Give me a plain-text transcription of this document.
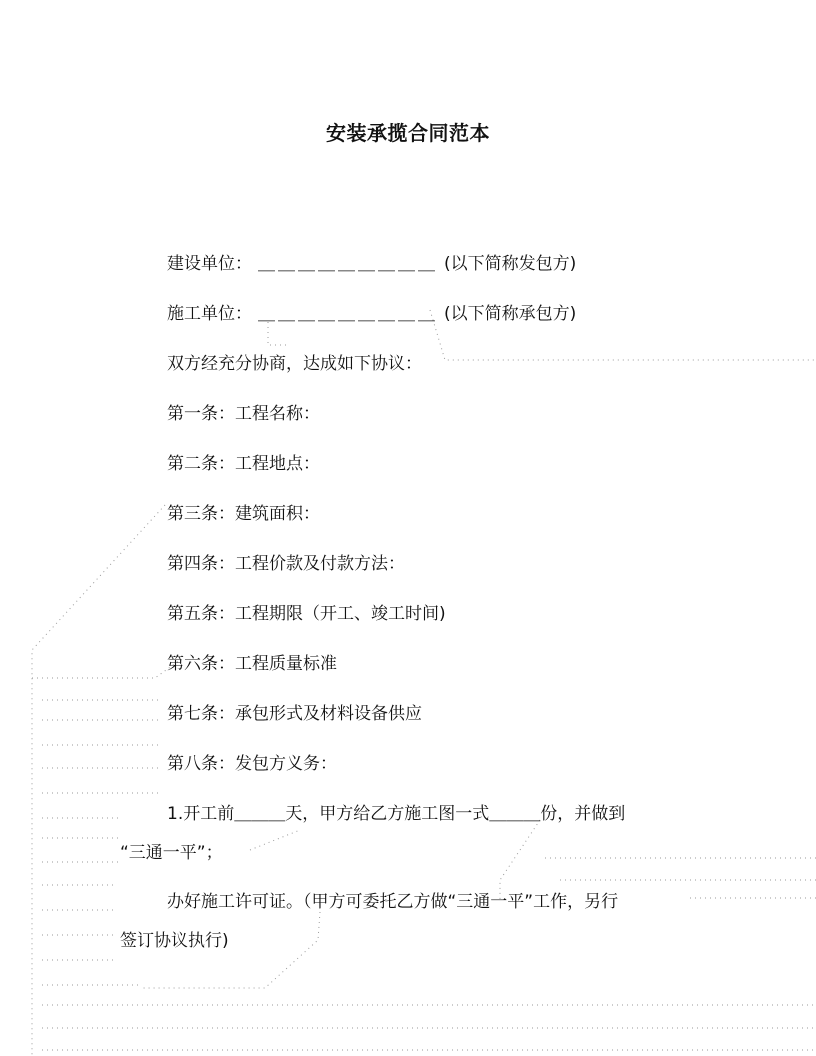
安装承揽合同范本

建设单位： ＿＿＿＿＿＿＿＿＿ (以下简称发包方)

施工单位： ＿＿＿＿＿＿＿＿＿ (以下简称承包方)

双方经充分协商，达成如下协议：

第一条：工程名称：

第二条：工程地点：

第三条：建筑面积：

第四条：工程价款及付款方法：

第五条：工程期限（开工、竣工时间)

第六条：工程质量标准

第七条：承包形式及材料设备供应

第八条：发包方义务：

1.开工前＿＿＿天，甲方给乙方施工图一式＿＿＿份，并做到

“三通一平”；

办好施工许可证。（甲方可委托乙方做“三通一平”工作，另行

签订协议执行)
